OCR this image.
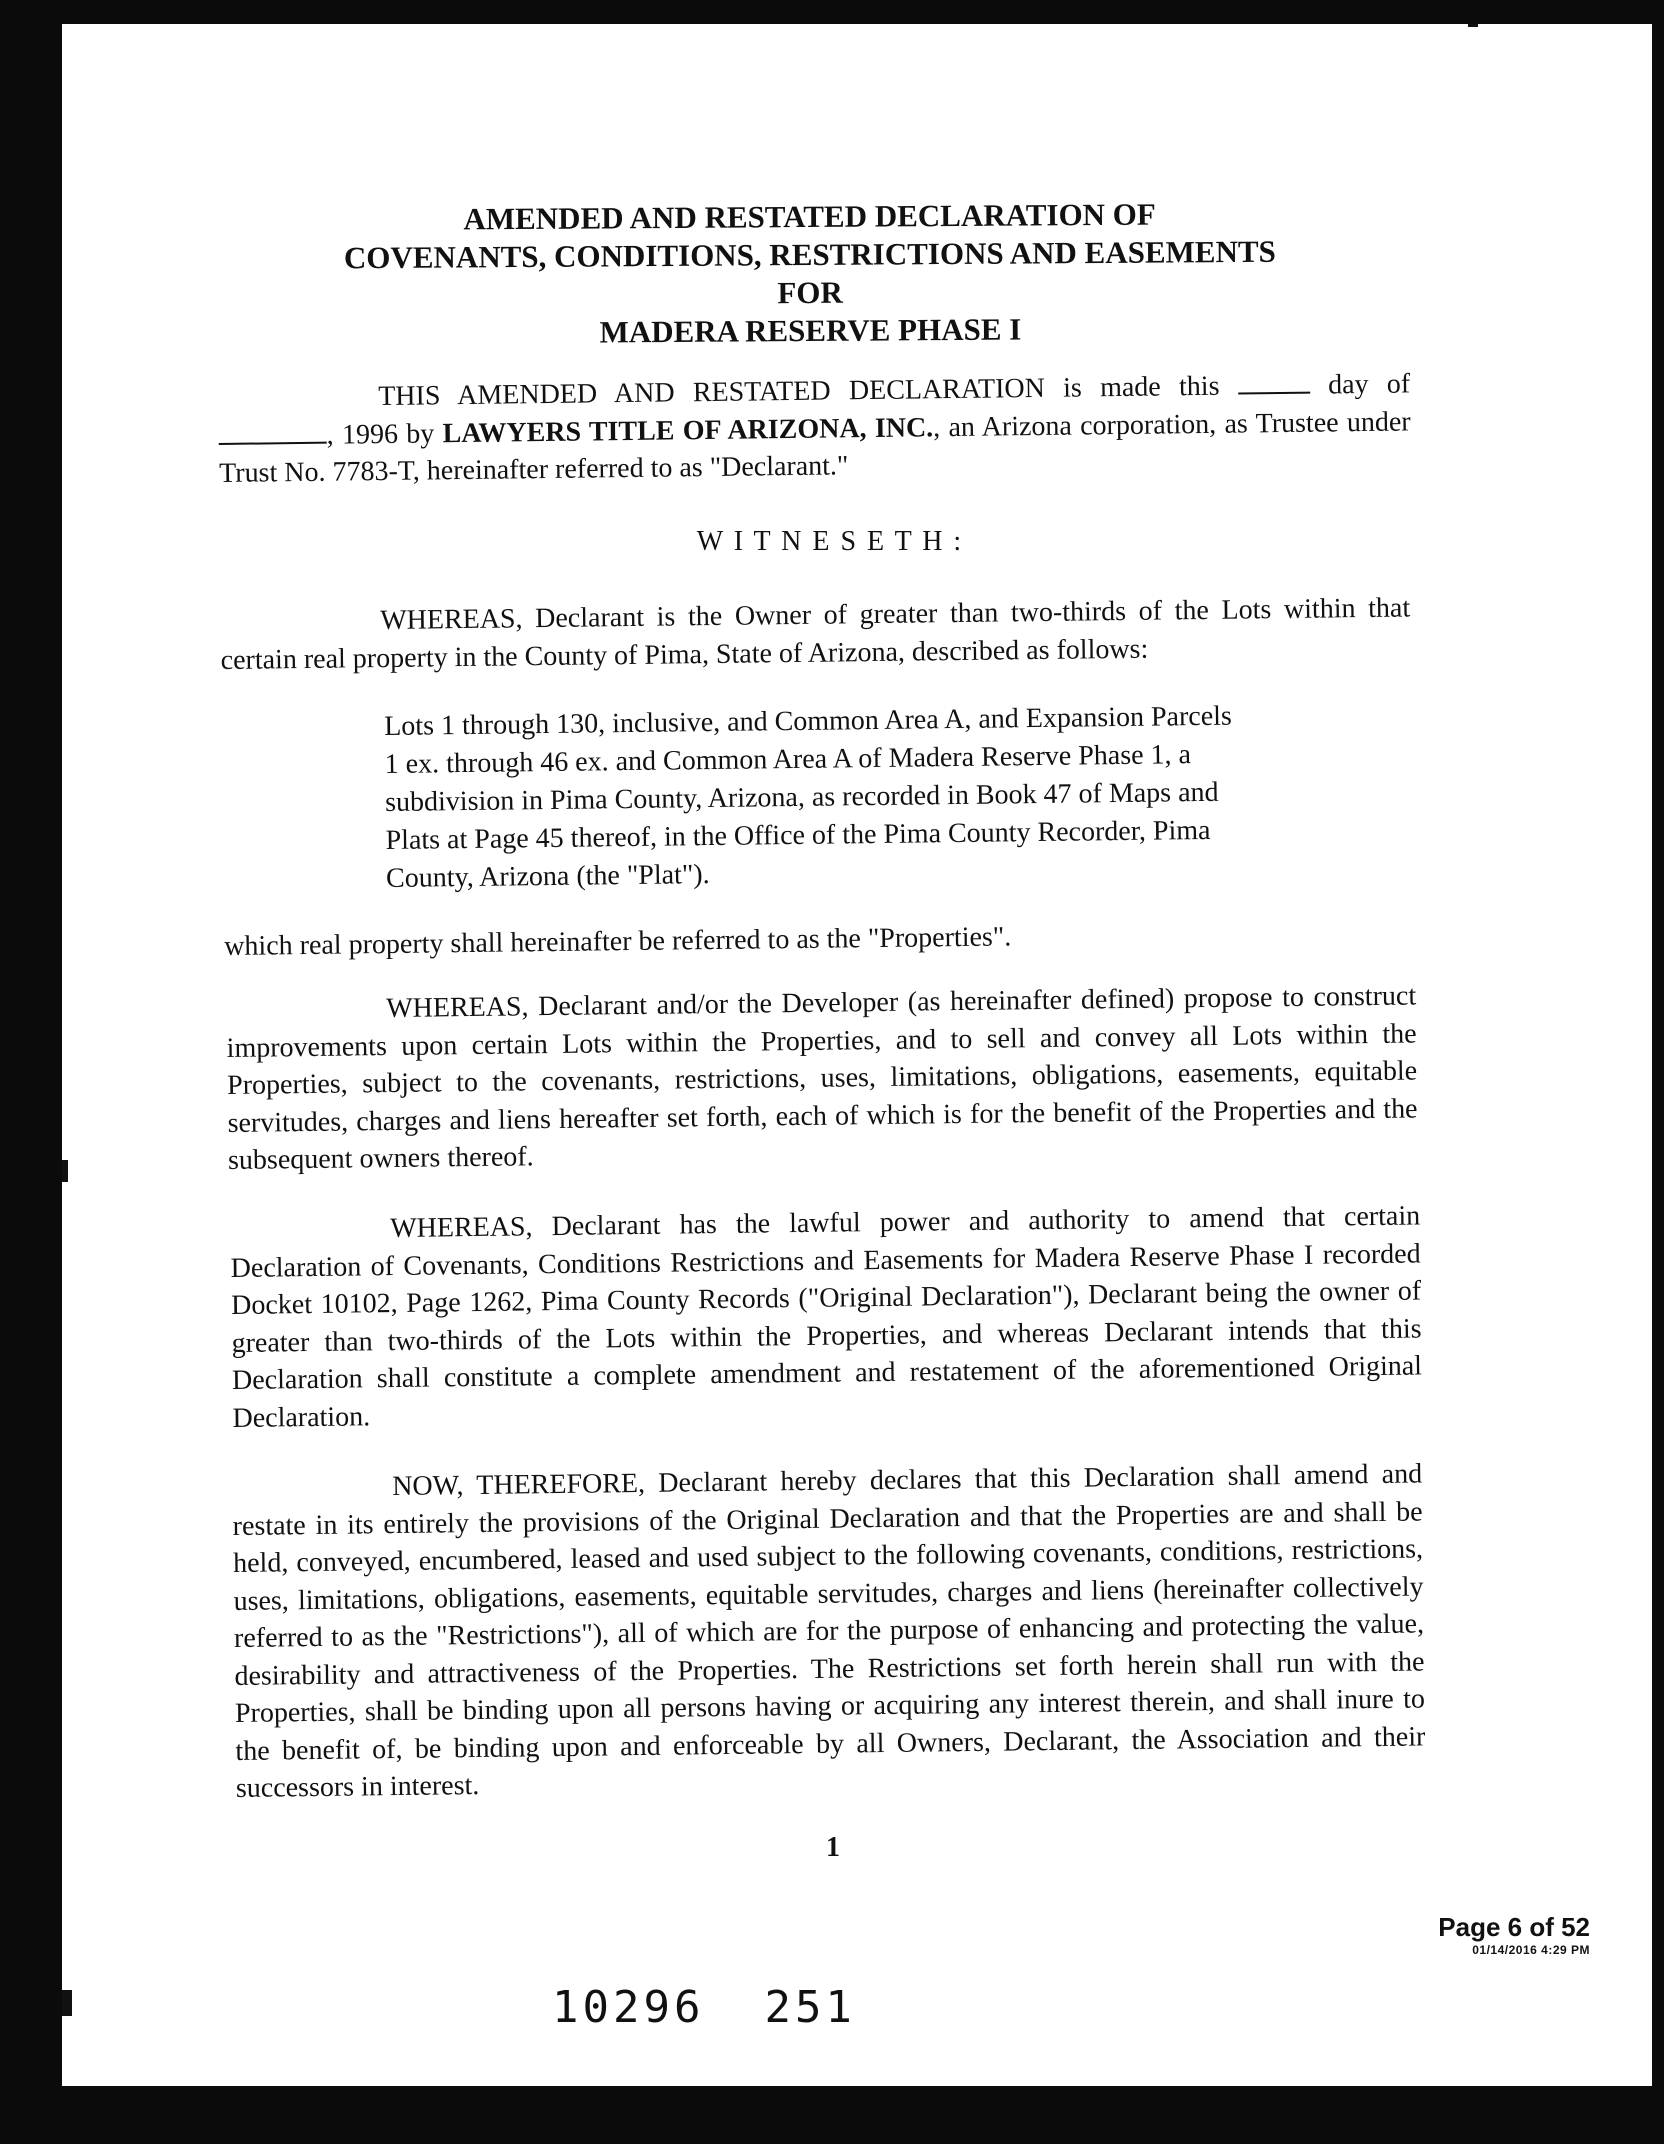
AMENDED AND RESTATED DECLARATION OF
COVENANTS, CONDITIONS, RESTRICTIONS AND EASEMENTS
FOR
MADERA RESERVE PHASE I
THIS AMENDED AND RESTATED DECLARATION is made this	day of , 1996 by LAWYERS TITLE OF ARIZONA, INC., an Arizona corporation, as Trustee under Trust No. 7783-T, hereinafter referred to as "Declarant."
W I T N E S E T H :
WHEREAS, Declarant is the Owner of greater than two-thirds of the Lots within that certain real property in the County of Pima, State of Arizona, described as follows:
Lots 1 through 130, inclusive, and Common Area A, and Expansion Parcels 1 ex. through 46 ex. and Common Area A of Madera Reserve Phase 1, a subdivision in Pima County, Arizona, as recorded in Book 47 of Maps and Plats at Page 45 thereof, in the Office of the Pima County Recorder, Pima County, Arizona (the "Plat").
which real property shall hereinafter be referred to as the "Properties".
WHEREAS, Declarant and/or the Developer (as hereinafter defined) propose to construct improvements upon certain Lots within the Properties, and to sell and convey all Lots within the Properties, subject to the covenants, restrictions, uses, limitations, obligations, easements, equitable servitudes, charges and liens hereafter set forth, each of which is for the benefit of the Properties and the subsequent owners thereof.
WHEREAS, Declarant has the lawful power and authority to amend that certain Declaration of Covenants, Conditions Restrictions and Easements for Madera Reserve Phase I recorded Docket 10102, Page 1262, Pima County Records ("Original Declaration"), Declarant being the owner of greater than two-thirds of the Lots within the Properties, and whereas Declarant intends that this Declaration shall constitute a complete amendment and restatement of the aforementioned Original Declaration.
NOW, THEREFORE, Declarant hereby declares that this Declaration shall amend and restate in its entirely the provisions of the Original Declaration and that the Properties are and shall be held, conveyed, encumbered, leased and used subject to the following covenants, conditions, restrictions, uses, limitations, obligations, easements, equitable servitudes, charges and liens (hereinafter collectively referred to as the "Restrictions"), all of which are for the purpose of enhancing and protecting the value, desirability and attractiveness of the Properties. The Restrictions set forth herein shall run with the Properties, shall be binding upon all persons having or acquiring any interest therein, and shall inure to the benefit of, be binding upon and enforceable by all Owners, Declarant, the Association and their successors in interest.
1
Page 6 of 52
01/14/2016 4:29 PM
10296 251
